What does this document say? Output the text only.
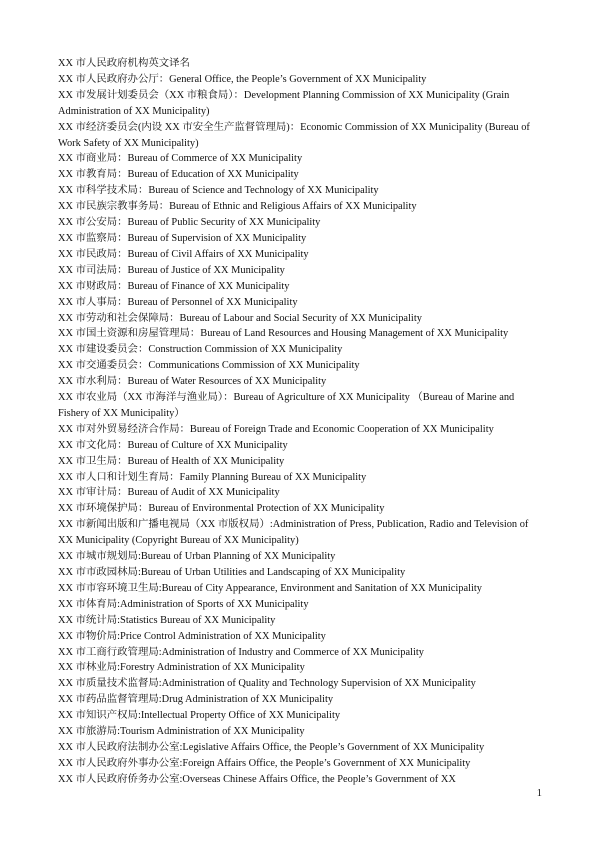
XX 市人民政府机构英文译名

XX 市人民政府办公厅：General Office, the People’s Government of XX Municipality

XX 市发展计划委员会（XX 市粮食局）：Development Planning Commission of XX Municipality (Grain Administration of XX Municipality)

XX 市经济委员会(内设 XX 市安全生产监督管理局)：Economic Commission of XX Municipality (Bureau of Work Safety of XX Municipality)

XX 市商业局：Bureau of Commerce of XX Municipality

XX 市教育局：Bureau of Education of XX Municipality

XX 市科学技术局：Bureau of Science and Technology of XX Municipality

XX 市民族宗教事务局：Bureau of Ethnic and Religious Affairs of XX Municipality

XX 市公安局：Bureau of Public Security of XX Municipality

XX 市监察局：Bureau of Supervision of XX Municipality

XX 市民政局：Bureau of Civil Affairs of XX Municipality

XX 市司法局：Bureau of Justice of XX Municipality

XX 市财政局：Bureau of Finance of XX Municipality

XX 市人事局：Bureau of Personnel of XX Municipality

XX 市劳动和社会保障局：Bureau of Labour and Social Security of XX Municipality

XX 市国土资源和房屋管理局：Bureau of Land Resources and Housing Management of XX Municipality

XX 市建设委员会：Construction Commission of XX Municipality

XX 市交通委员会：Communications Commission of XX Municipality

XX 市水利局：Bureau of Water Resources of XX Municipality

XX 市农业局（XX 市海洋与渔业局）：Bureau of Agriculture of XX Municipality （Bureau of Marine and Fishery of XX Municipality）

XX 市对外贸易经济合作局：Bureau of Foreign Trade and Economic Cooperation of XX Municipality

XX 市文化局：Bureau of Culture of XX Municipality

XX 市卫生局：Bureau of Health of XX Municipality

XX 市人口和计划生育局：Family Planning Bureau of XX Municipality

XX 市审计局：Bureau of Audit of XX Municipality

XX 市环境保护局：Bureau of Environmental Protection of XX Municipality

XX 市新闻出版和广播电视局（XX 市版权局）:Administration of Press, Publication, Radio and Television of XX Municipality (Copyright Bureau of XX Municipality)

XX 市城市规划局:Bureau of Urban Planning of XX Municipality

XX 市市政园林局:Bureau of Urban Utilities and Landscaping of XX Municipality

XX 市市容环境卫生局:Bureau of City Appearance, Environment and Sanitation of XX Municipality

XX 市体育局:Administration of Sports of XX Municipality

XX 市统计局:Statistics Bureau of XX Municipality

XX 市物价局:Price Control Administration of XX Municipality

XX 市工商行政管理局:Administration of Industry and Commerce of XX Municipality

XX 市林业局:Forestry Administration of XX Municipality

XX 市质量技术监督局:Administration of Quality and Technology Supervision of XX Municipality

XX 市药品监督管理局:Drug Administration of XX Municipality

XX 市知识产权局:Intellectual Property Office of XX Municipality

XX 市旅游局:Tourism Administration of XX Municipality

XX 市人民政府法制办公室:Legislative Affairs Office, the People’s Government of XX Municipality

XX 市人民政府外事办公室:Foreign Affairs Office, the People’s Government of XX Municipality

XX 市人民政府侨务办公室:Overseas Chinese Affairs Office, the People’s Government of XX

1
